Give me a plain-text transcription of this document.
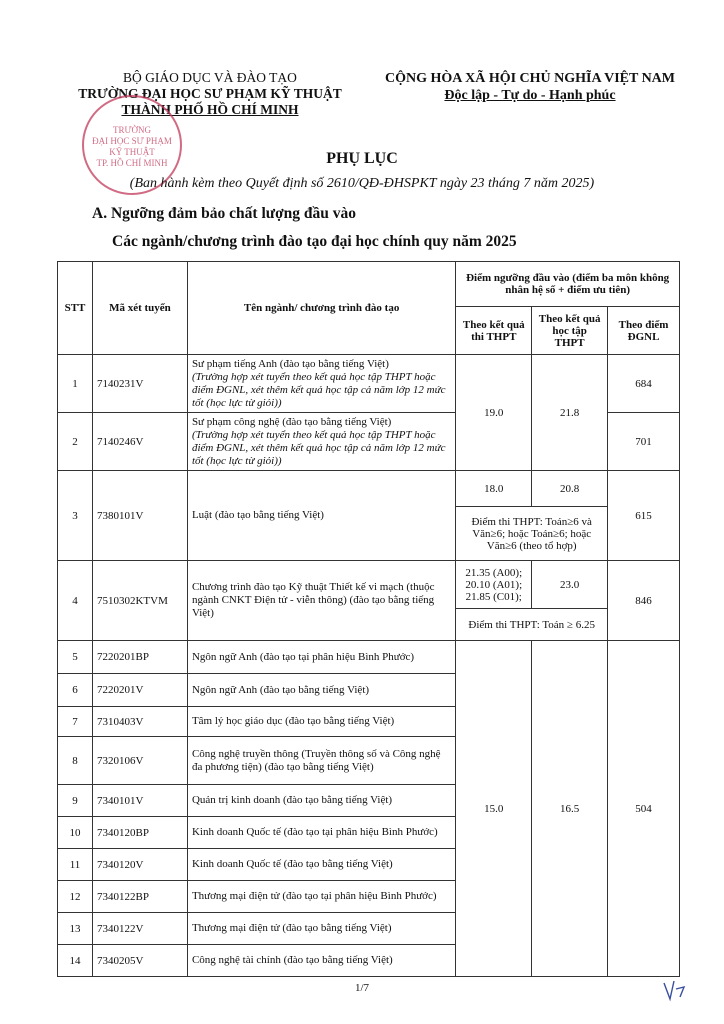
BỘ GIÁO DỤC VÀ ĐÀO TẠO
TRƯỜNG ĐẠI HỌC SƯ PHẠM KỸ THUẬT
THÀNH PHỐ HỒ CHÍ MINH
CỘNG HÒA XÃ HỘI CHỦ NGHĨA VIỆT NAM
Độc lập - Tự do - Hạnh phúc
TRƯỜNG
ĐẠI HỌC SƯ PHẠM
KỸ THUẬT
TP. HỒ CHÍ MINH	PHỤ LỤC
(Ban hành kèm theo Quyết định số 2610/QĐ-ĐHSPKT ngày 23 tháng 7 năm 2025)
A. Ngưỡng đảm bảo chất lượng đầu vào
Các ngành/chương trình đào tạo đại học chính quy năm 2025
STT	Mã xét tuyển	Tên ngành/ chương trình đào tạo	Điểm ngưỡng đầu vào (điểm ba môn không nhân hệ số + điểm ưu tiên)		
			Theo kết quả thi THPT	Theo kết quả học tập THPT	Theo điểm ĐGNL
1	7140231V	Sư phạm tiếng Anh (đào tạo bằng tiếng Việt)
(Trường hợp xét tuyển theo kết quả học tập THPT hoặc điểm ĐGNL, xét thêm kết quả học tập cả năm lớp 12 mức tốt (học lực từ giỏi))	19.0	21.8	684
2	7140246V	Sư phạm công nghệ (đào tạo bằng tiếng Việt)
(Trường hợp xét tuyển theo kết quả học tập THPT hoặc điểm ĐGNL, xét thêm kết quả học tập cả năm lớp 12 mức tốt (học lực từ giỏi))			701
3	7380101V	Luật (đào tạo bằng tiếng Việt)	18.0	20.8	615
			Điểm thi THPT: Toán≥6 và Văn≥6; hoặc Toán≥6; hoặc Văn≥6 (theo tổ hợp)		
4	7510302KTVM	Chương trình đào tạo Kỹ thuật Thiết kế vi mạch (thuộc ngành CNKT Điện tử - viễn thông) (đào tạo bằng tiếng Việt)	21.35 (A00); 20.10 (A01); 21.85 (C01);	23.0	846
			Điểm thi THPT: Toán ≥ 6.25		
5	7220201BP	Ngôn ngữ Anh (đào tạo tại phân hiệu Bình Phước)	15.0	16.5	504
6	7220201V	Ngôn ngữ Anh (đào tạo bằng tiếng Việt)			
7	7310403V	Tâm lý học giáo dục (đào tạo bằng tiếng Việt)			
8	7320106V	Công nghệ truyền thông (Truyền thông số và Công nghệ đa phương tiện) (đào tạo bằng tiếng Việt)			
9	7340101V	Quản trị kinh doanh (đào tạo bằng tiếng Việt)			
10	7340120BP	Kinh doanh Quốc tế (đào tạo tại phân hiệu Bình Phước)			
11	7340120V	Kinh doanh Quốc tế (đào tạo bằng tiếng Việt)			
12	7340122BP	Thương mại điện tử (đào tạo tại phân hiệu Bình Phước)			
13	7340122V	Thương mại điện tử (đào tạo bằng tiếng Việt)			
14	7340205V	Công nghệ tài chính (đào tạo bằng tiếng Việt)			
1/7
